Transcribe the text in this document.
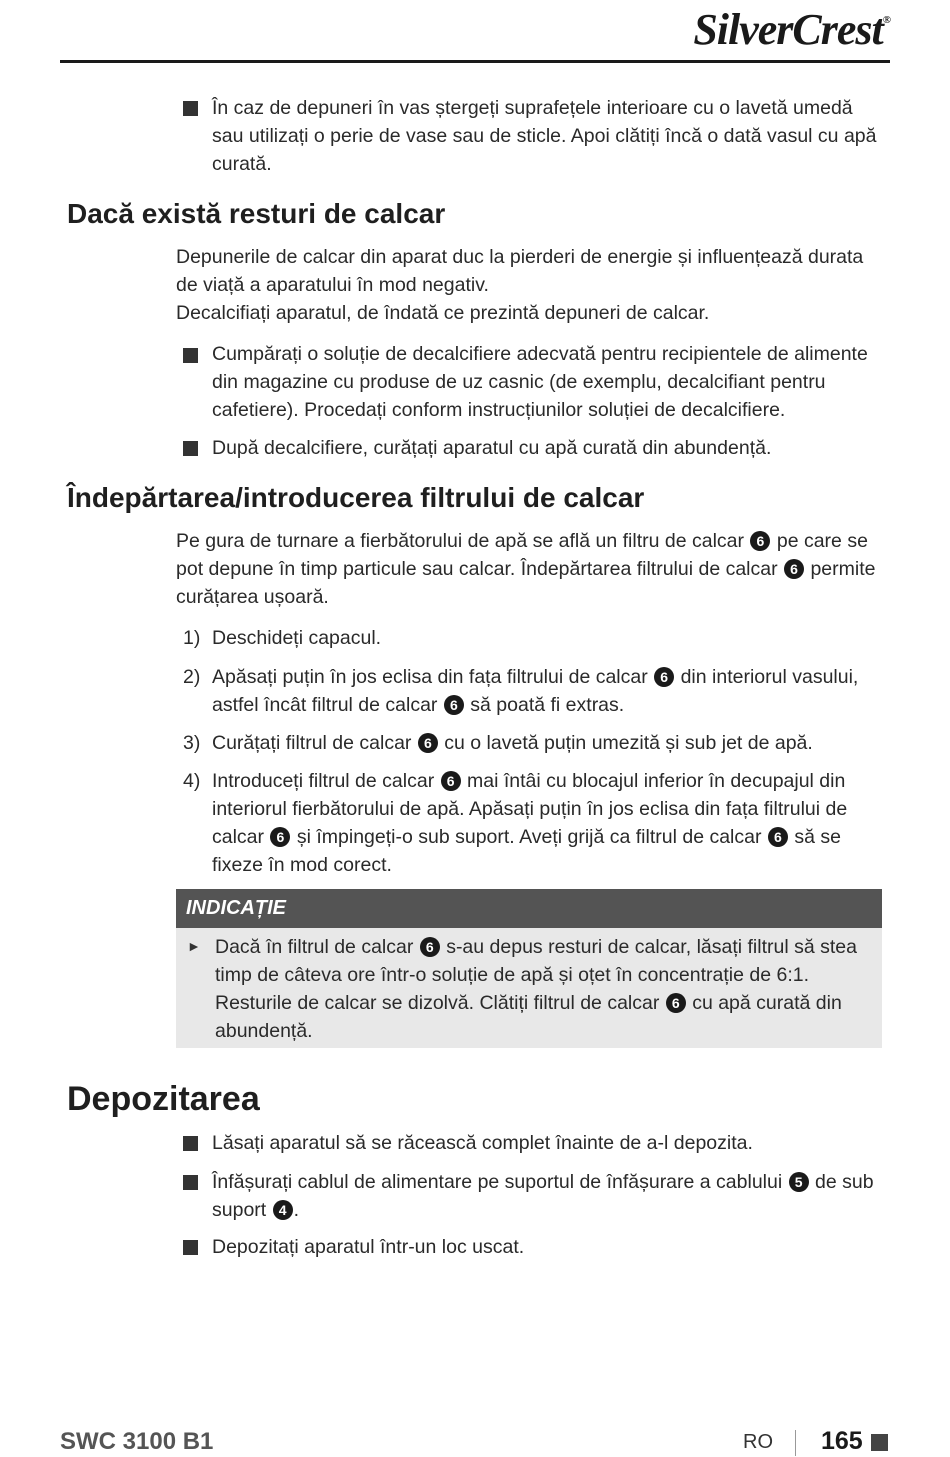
SilverCrest®
În caz de depuneri în vas ștergeți suprafețele interioare cu o lavetă umedă sau utilizați o perie de vase sau de sticle. Apoi clătiți încă o dată vasul cu apă curată.
Dacă există resturi de calcar
Depunerile de calcar din aparat duc la pierderi de energie și influențează durata de viață a aparatului în mod negativ.
Decalcifiați aparatul, de îndată ce prezintă depuneri de calcar.
Cumpărați o soluție de decalcifiere adecvată pentru recipientele de alimente din magazine cu produse de uz casnic (de exemplu, decalcifiant pentru cafetiere). Procedați conform instrucțiunilor soluției de decalcifiere.
După decalcifiere, curățați aparatul cu apă curată din abundență.
Îndepărtarea/introducerea filtrului de calcar
Pe gura de turnare a fierbătorului de apă se află un filtru de calcar 6 pe care se pot depune în timp particule sau calcar. Îndepărtarea filtrului de calcar 6 permite curățarea ușoară.
1) Deschideți capacul.
2) Apăsați puțin în jos eclisa din fața filtrului de calcar 6 din interiorul vasului, astfel încât filtrul de calcar 6 să poată fi extras.
3) Curățați filtrul de calcar 6 cu o lavetă puțin umezită și sub jet de apă.
4) Introduceți filtrul de calcar 6 mai întâi cu blocajul inferior în decupajul din interiorul fierbătorului de apă. Apăsați puțin în jos eclisa din fața filtrului de calcar 6 și împingeți-o sub suport. Aveți grijă ca filtrul de calcar 6 să se fixeze în mod corect.
INDICAȚIE
► Dacă în filtrul de calcar 6 s-au depus resturi de calcar, lăsați filtrul să stea timp de câteva ore într-o soluție de apă și oțet în concentrație de 6:1. Resturile de calcar se dizolvă. Clătiți filtrul de calcar 6 cu apă curată din abundență.
Depozitarea
Lăsați aparatul să se răcească complet înainte de a-l depozita.
Înfășurați cablul de alimentare pe suportul de înfășurare a cablului 5 de sub suport 4 .
Depozitați aparatul într-un loc uscat.
SWC 3100 B1	RO 165
